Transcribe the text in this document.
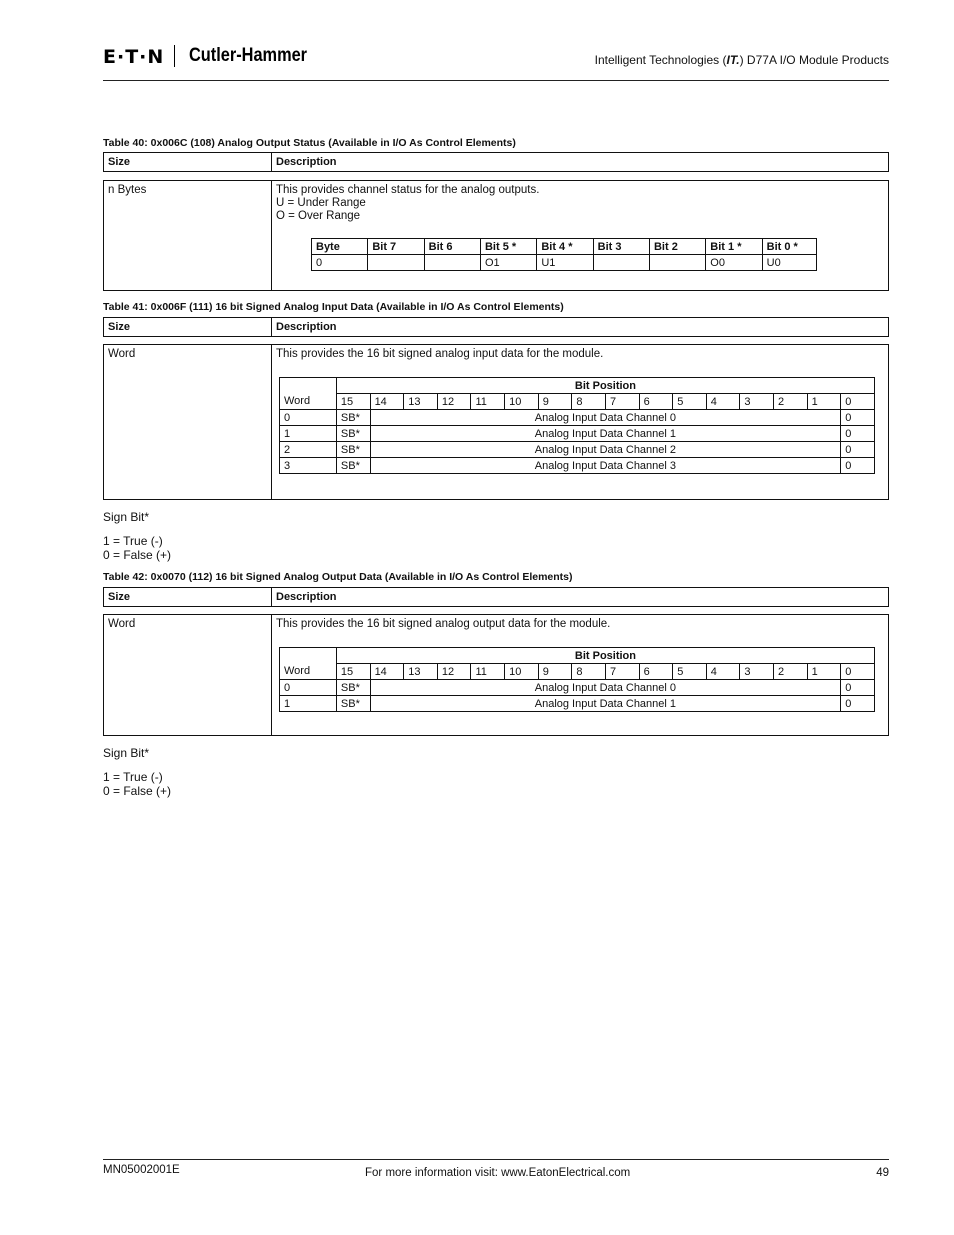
E·T·N Cutler-Hammer	Intelligent Technologies (IT.) D77A I/O Module Products
Table 40: 0x006C (108) Analog Output Status (Available in I/O As Control Elements)
Size	Description
n Bytes	This provides channel status for the analog outputs.
U = Under Range
O = Over Range
Byte	Bit 7	Bit 6	Bit 5 *	Bit 4 *	Bit 3	Bit 2	Bit 1 *	Bit 0 *
0			O1	U1			O0	U0
Table 41: 0x006F (111) 16 bit Signed Analog Input Data (Available in I/O As Control Elements)
Size	Description
Word	This provides the 16 bit signed analog input data for the module.
	Bit Position															
Word	15	14	13	12	11	10	9	8	7	6	5	4	3	2	1	0
0	SB*	Analog Input Data Channel 0														0
1	SB*	Analog Input Data Channel 1														0
2	SB*	Analog Input Data Channel 2														0
3	SB*	Analog Input Data Channel 3														0
Sign Bit*
1 = True (-)
0 = False (+)
Table 42: 0x0070 (112) 16 bit Signed Analog Output Data (Available in I/O As Control Elements)
Size	Description
Word	This provides the 16 bit signed analog output data for the module.
	Bit Position															
Word	15	14	13	12	11	10	9	8	7	6	5	4	3	2	1	0
0	SB*	Analog Input Data Channel 0														0
1	SB*	Analog Input Data Channel 1														0
Sign Bit*
1 = True (-)
0 = False (+)
MN05002001E	For more information visit: www.EatonElectrical.com	49
